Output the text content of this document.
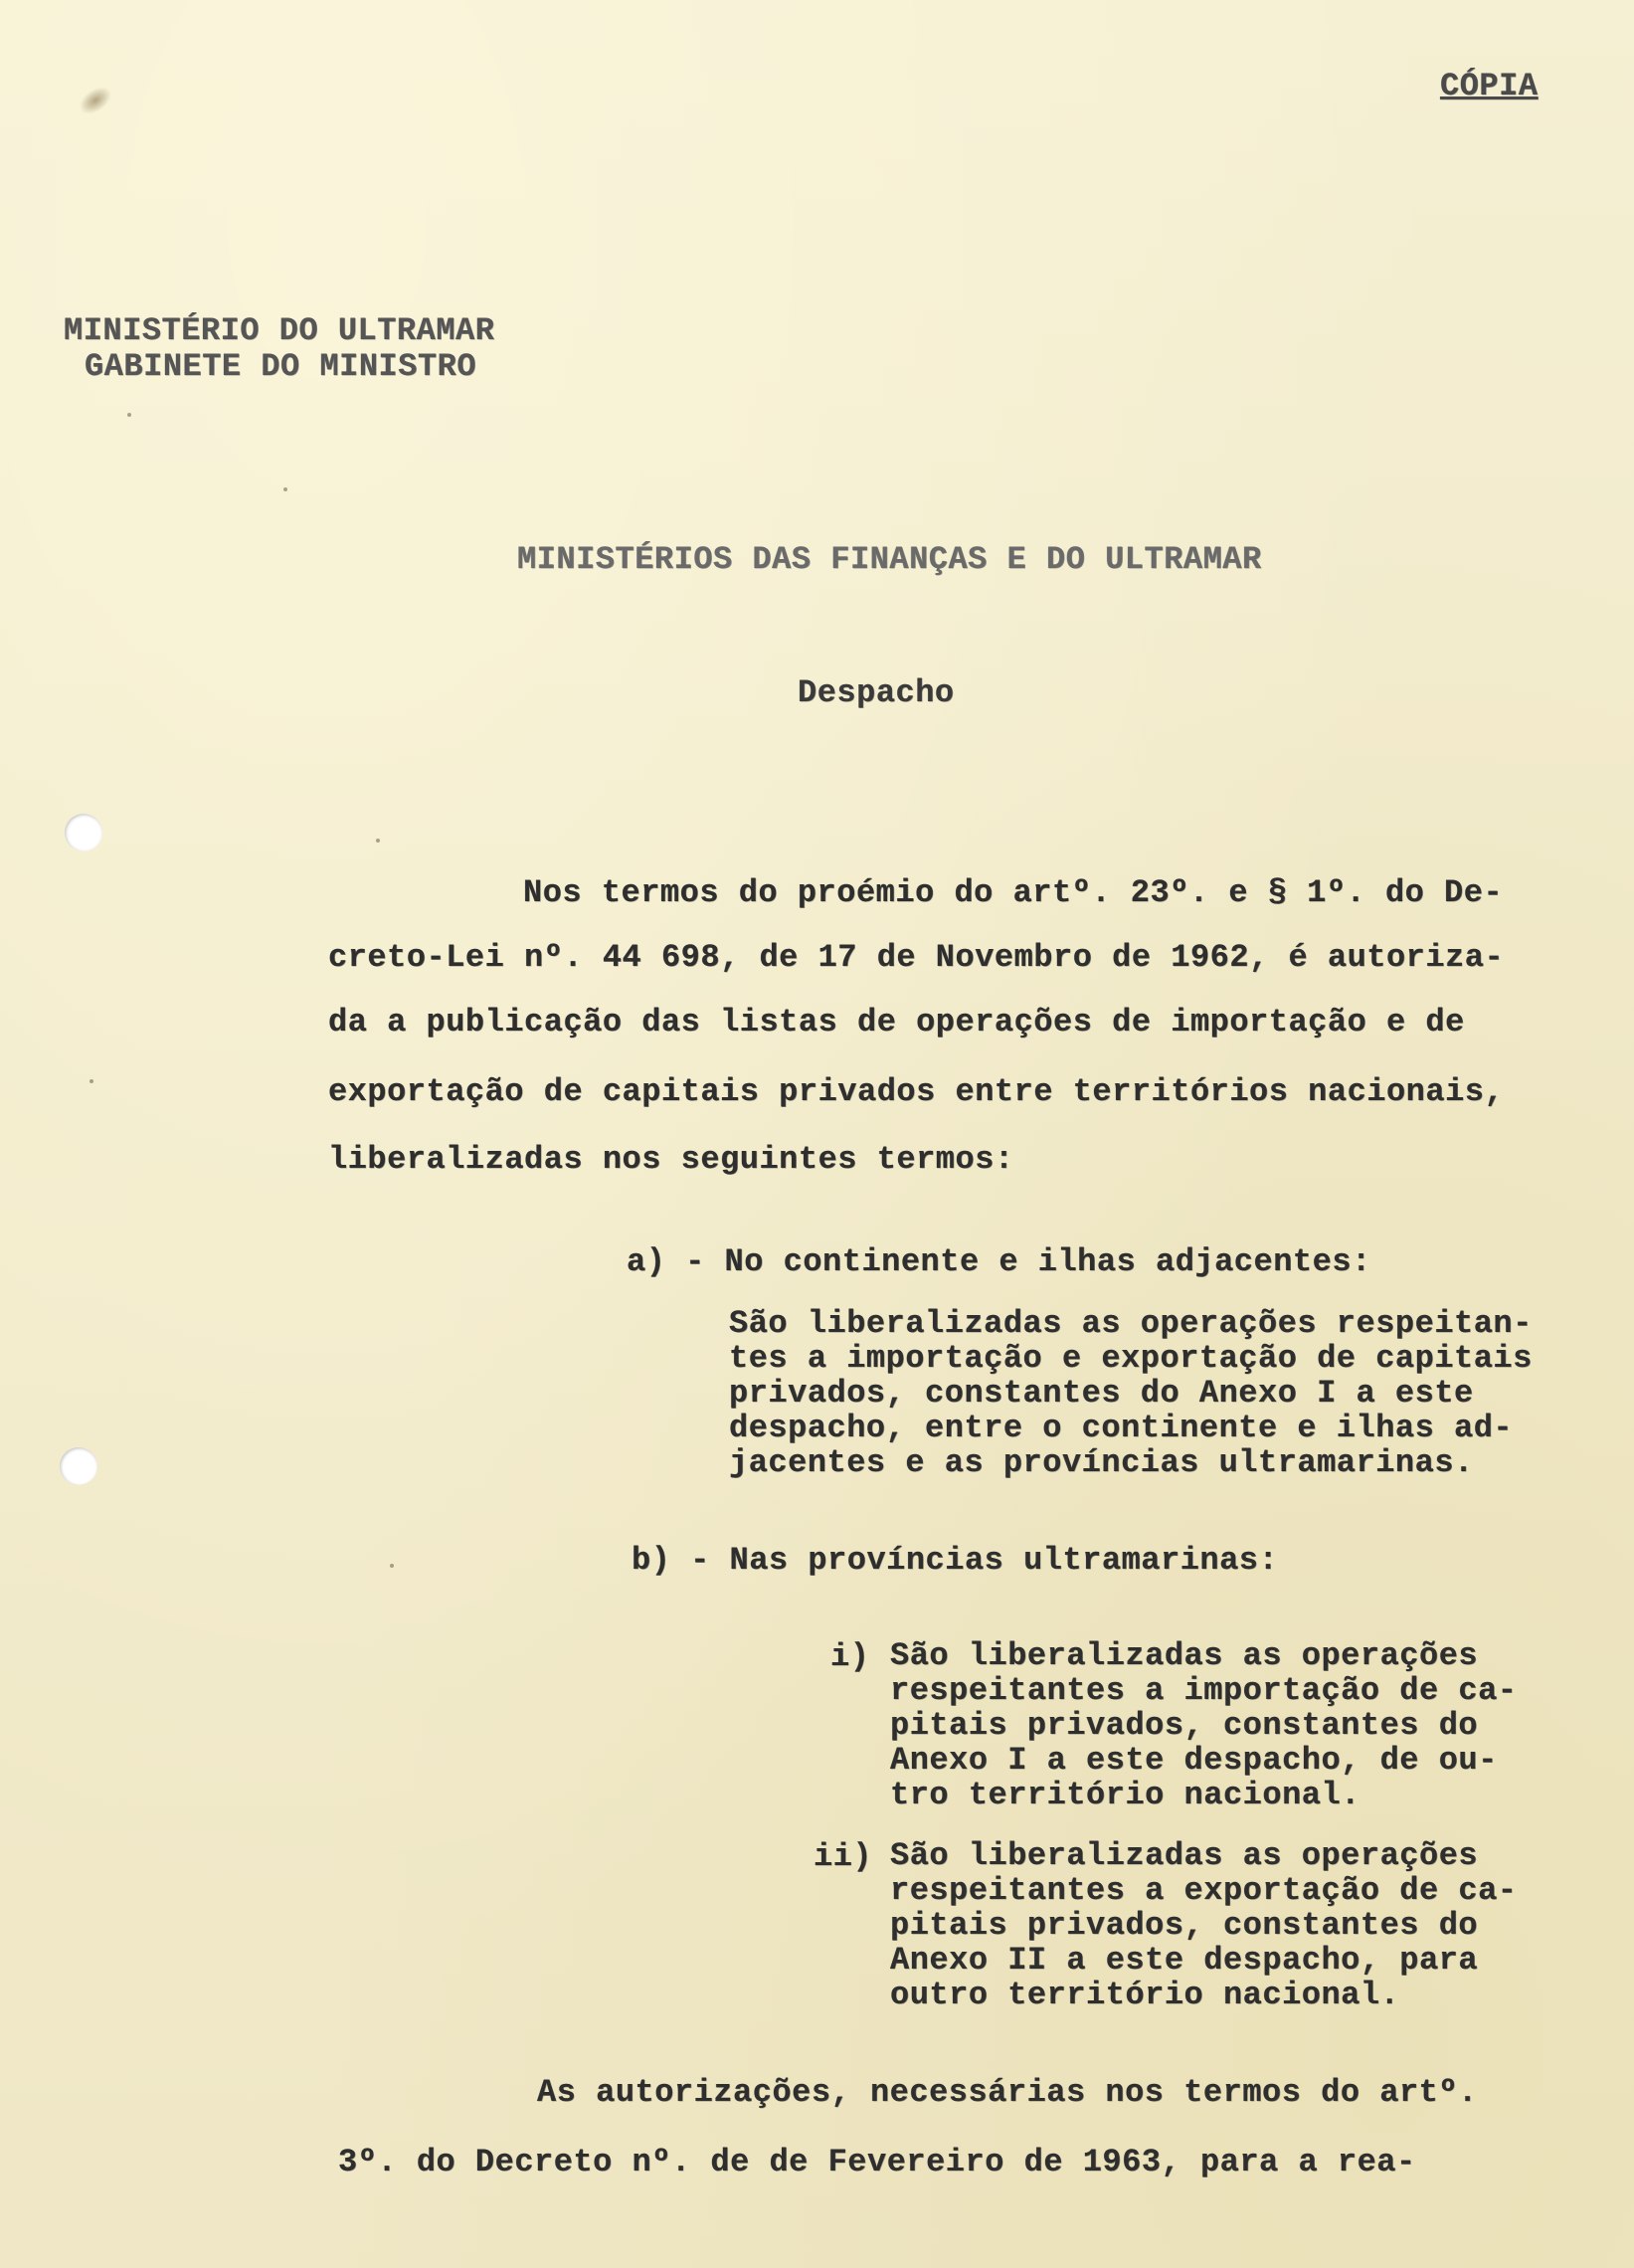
CÓPIA
MINISTÉRIO DO ULTRAMAR
GABINETE DO MINISTRO
MINISTÉRIOS DAS FINANÇAS E DO ULTRAMAR
Despacho
Nos termos do proémio do artº. 23º. e § 1º. do De-
creto-Lei nº. 44 698, de 17 de Novembro de 1962, é autoriza-
da a publicação das listas de operações de importação e de
exportação de capitais privados entre territórios nacionais,
liberalizadas nos seguintes termos:
a) - No continente e ilhas adjacentes:
São liberalizadas as operações respeitan-
tes a importação e exportação de capitais
privados, constantes do Anexo I a este
despacho, entre o continente e ilhas ad-
jacentes e as províncias ultramarinas.
b) - Nas províncias ultramarinas:
i) São liberalizadas as operações
respeitantes a importação de ca-
pitais privados, constantes do
Anexo I a este despacho, de ou-
tro território nacional.
ii) São liberalizadas as operações
respeitantes a exportação de ca-
pitais privados, constantes do
Anexo II a este despacho, para
outro território nacional.
As autorizações, necessárias nos termos do artº.
3º. do Decreto nº. de de Fevereiro de 1963, para a rea-
